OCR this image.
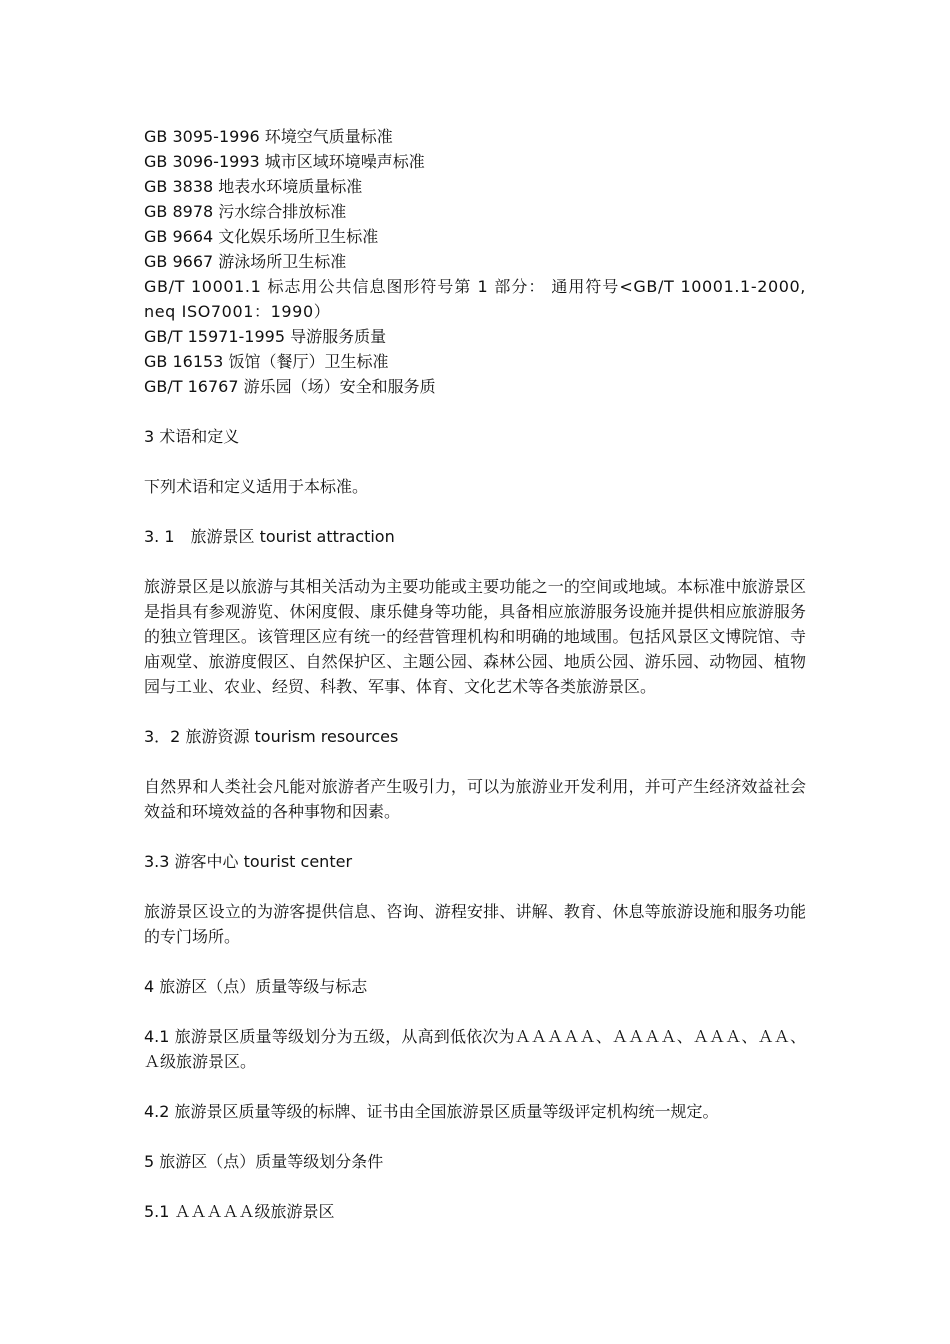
GB 3095-1996 环境空气质量标准
GB 3096-1993 城市区域环境噪声标准
GB 3838 地表水环境质量标准
GB 8978 污水综合排放标准
GB 9664 文化娱乐场所卫生标准
GB 9667 游泳场所卫生标准

GB/T 10001.1 标志用公共信息图形符号第 1 部分： 通用符号<GB/T 10001.1-2000,neq ISO7001：1990）

GB/T 15971-1995 导游服务质量
GB 16153 饭馆（餐厅）卫生标准
GB/T 16767 游乐园（场）安全和服务质
3 术语和定义
下列术语和定义适用于本标准。
3. 1　旅游景区 tourist attraction

旅游景区是以旅游与其相关活动为主要功能或主要功能之一的空间或地域。本标准中旅游景区是指具有参观游览、休闲度假、康乐健身等功能，具备相应旅游服务设施并提供相应旅游服务的独立管理区。该管理区应有统一的经营管理机构和明确的地域围。包括风景区文博院馆、寺庙观堂、旅游度假区、自然保护区、主题公园、森林公园、地质公园、游乐园、动物园、植物园与工业、农业、经贸、科教、军事、体育、文化艺术等各类旅游景区。

3．2 旅游资源 tourism resources

自然界和人类社会凡能对旅游者产生吸引力，可以为旅游业开发利用，并可产生经济效益社会效益和环境效益的各种事物和因素。

3.3 游客中心 tourist center

旅游景区设立的为游客提供信息、咨询、游程安排、讲解、教育、休息等旅游设施和服务功能的专门场所。

4 旅游区（点）质量等级与标志

4.1 旅游景区质量等级划分为五级，从高到低依次为ＡＡＡＡＡ、ＡＡＡＡ、ＡＡＡ、ＡＡ、Ａ级旅游景区。

4.2 旅游景区质量等级的标牌、证书由全国旅游景区质量等级评定机构统一规定。
5 旅游区（点）质量等级划分条件
5.1 ＡＡＡＡＡ级旅游景区
